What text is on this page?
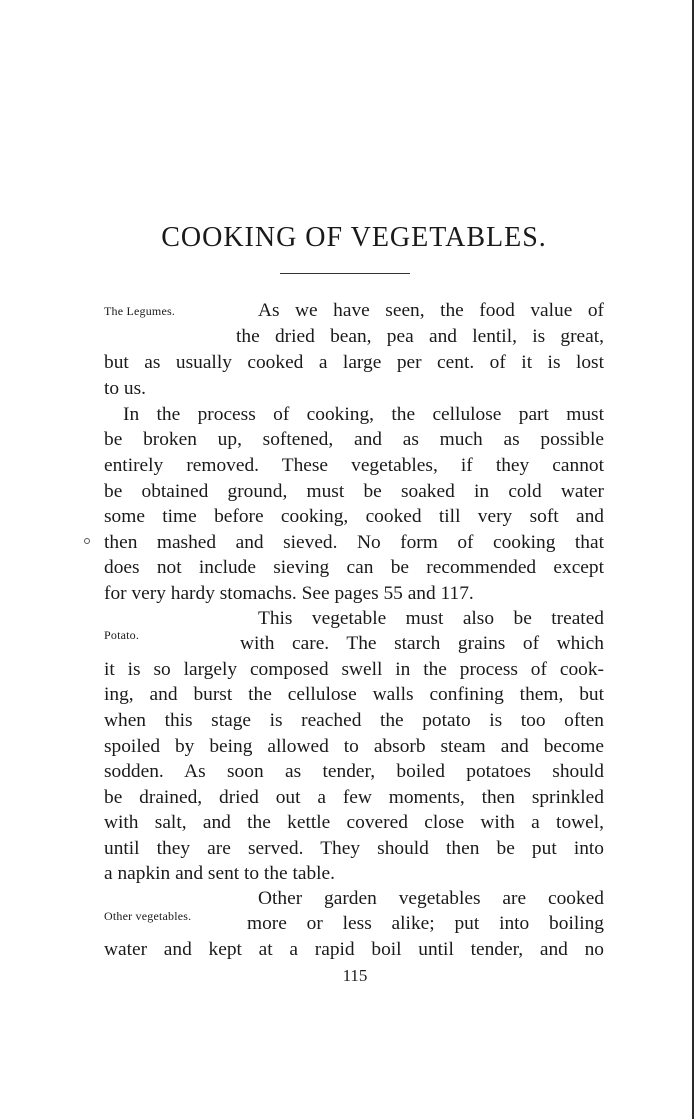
COOKING OF VEGETABLES.
The Legumes.
Potato.
Other vegetables.
As we have seen, the food value of
the dried bean, pea and lentil, is great,
but as usually cooked a large per cent. of it is lost
to us.
In the process of cooking, the cellulose part must
be broken up, softened, and as much as possible
entirely removed. These vegetables, if they cannot
be obtained ground, must be soaked in cold water
some time before cooking, cooked till very soft and
then mashed and sieved. No form of cooking that
does not include sieving can be recommended except
for very hardy stomachs. See pages 55 and 117.
This vegetable must also be treated
with care. The starch grains of which
it is so largely composed swell in the process of cook-
ing, and burst the cellulose walls confining them, but
when this stage is reached the potato is too often
spoiled by being allowed to absorb steam and become
sodden. As soon as tender, boiled potatoes should
be drained, dried out a few moments, then sprinkled
with salt, and the kettle covered close with a towel,
until they are served. They should then be put into
a napkin and sent to the table.
Other garden vegetables are cooked
more or less alike; put into boiling
water and kept at a rapid boil until tender, and no
115
